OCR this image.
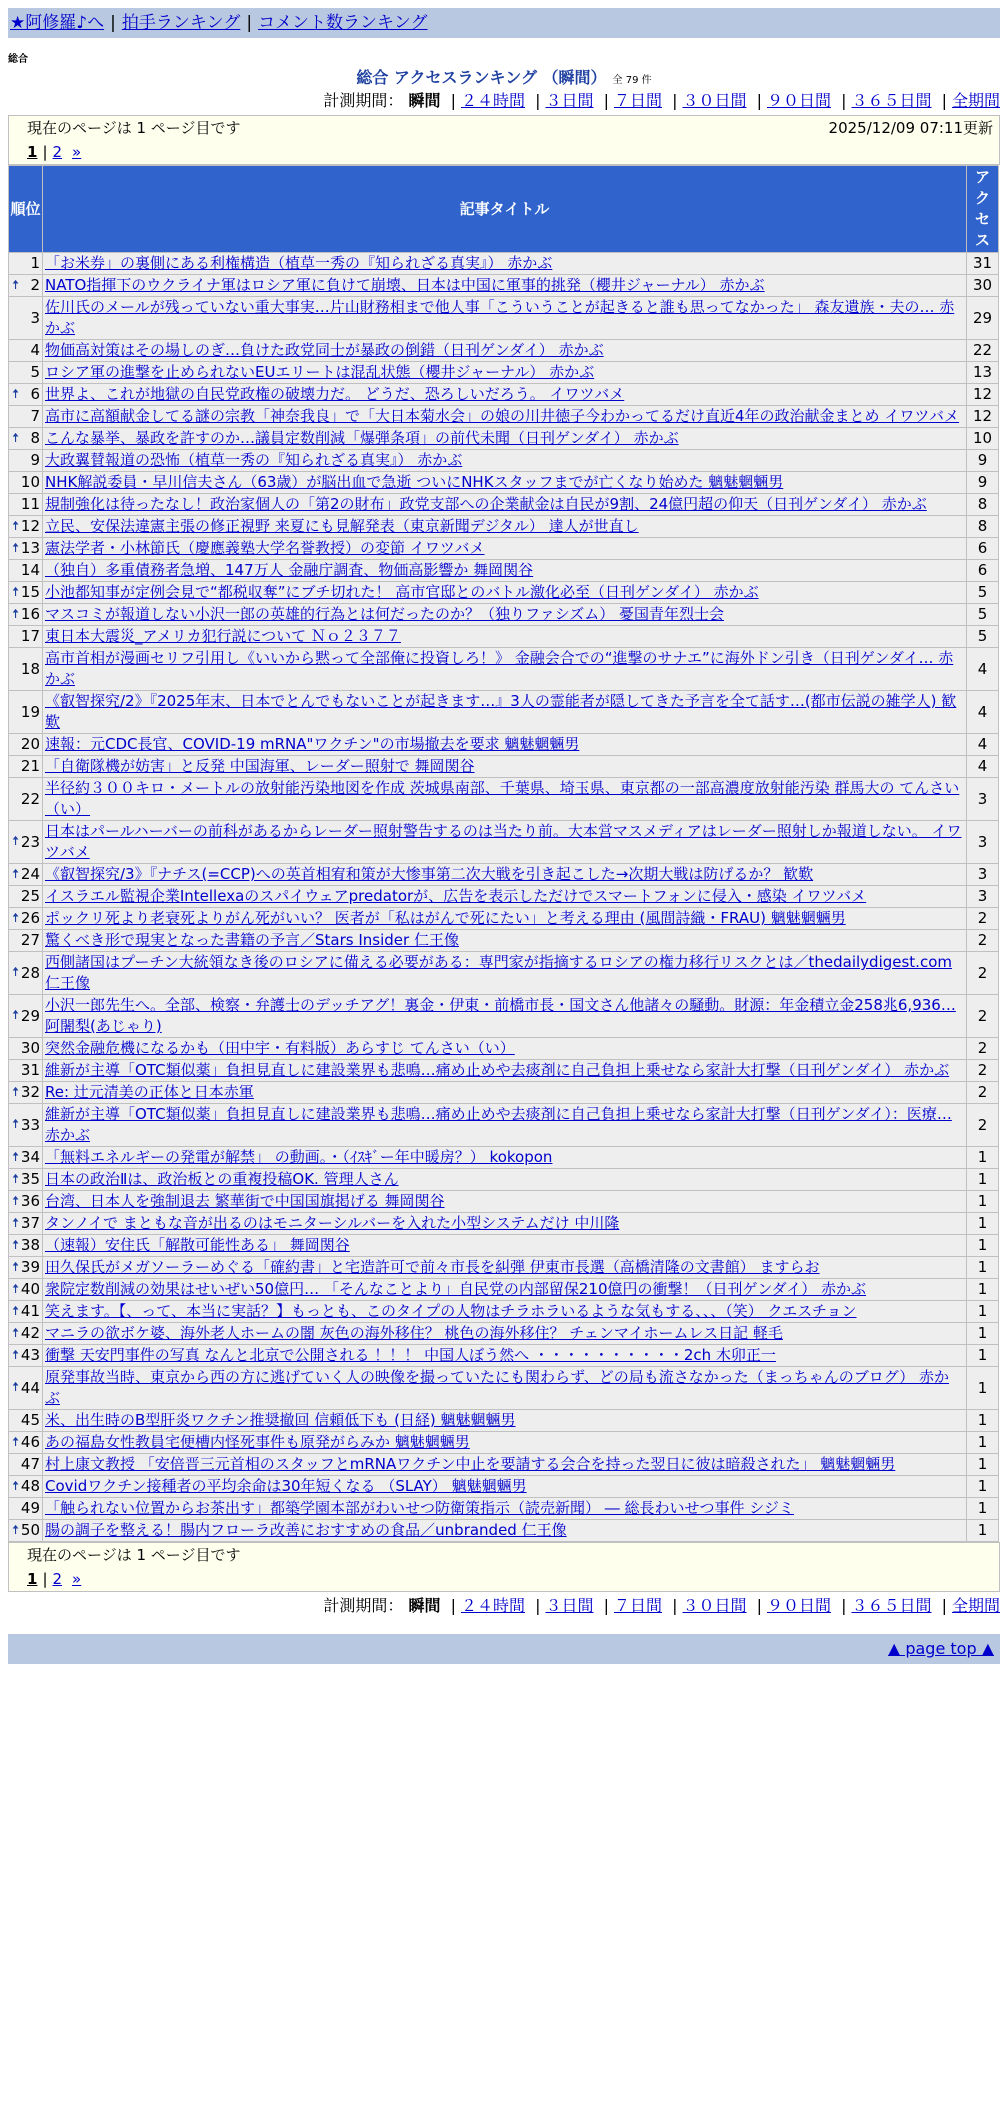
★阿修羅♪へ | 拍手ランキング | コメント数ランキング
総合
総合 アクセスランキング （瞬間） 全 79 件
計測期間： 瞬間 | ２４時間 | ３日間 | ７日間 | ３０日間 | ９０日間 | ３６５日間 | 全期間
現在のページは 1 ページ目です	2025/12/09 07:11更新
1 | 2 »
順位	記事タイトル	アクセス
1	「お米券」の裏側にある利権構造（植草一秀の『知られざる真実』） 赤かぶ	31

🠅 2	NATO指揮下のウクライナ軍はロシア軍に負けて崩壊、日本は中国に軍事的挑発（櫻井ジャーナル） 赤かぶ	30
3	佐川氏のメールが残っていない重大事実…片山財務相まで他人事「こういうことが起きると誰も思ってなかった」 森友遺族・夫の… 赤かぶ	29
4	物価高対策はその場しのぎ…負けた政党同士が暴政の倒錯（日刊ゲンダイ） 赤かぶ	22
5	ロシア軍の進撃を止められないEUエリートは混乱状態（櫻井ジャーナル） 赤かぶ	13

🠅 6	世界よ、これが地獄の自民党政権の破壊力だ。 どうだ、恐ろしいだろう。 イワツバメ	12
7	高市に高額献金してる謎の宗教「神奈我良」で「大日本菊水会」の娘の川井徳子今わかってるだけ直近4年の政治献金まとめ イワツバメ	12

🠅 8	こんな暴挙、暴政を許すのか…議員定数削減「爆弾条項」の前代未聞（日刊ゲンダイ） 赤かぶ	10
9	大政翼賛報道の恐怖（植草一秀の『知られざる真実』） 赤かぶ	9
10	NHK解説委員・早川信夫さん（63歳）が脳出血で急逝 ついにNHKスタッフまでが亡くなり始めた 魑魅魍魎男	9
11	規制強化は待ったなし！政治家個人の「第2の財布」政党支部への企業献金は自民が9割、24億円超の仰天（日刊ゲンダイ） 赤かぶ	8

🠅 12	立民、安保法違憲主張の修正視野 来夏にも見解発表（東京新聞デジタル） 達人が世直し	8

🠅 13	憲法学者・小林節氏（慶應義塾大学名誉教授）の変節 イワツバメ	6
14	（独自）多重債務者急増、147万人 金融庁調査、物価高影響か 舞岡関谷	6

🠅 15	小池都知事が定例会見で“都税収奪”にブチ切れた！ 高市官邸とのバトル激化必至（日刊ゲンダイ） 赤かぶ	5

🠅 16	マスコミが報道しない小沢一郎の英雄的行為とは何だったのか？（独りファシズム） 憂国青年烈士会	5
17	東日本大震災_アメリカ犯行説について Ｎｏ２３７７	5
18	高市首相が漫画セリフ引用し《いいから黙って全部俺に投資しろ！》 金融会合での“進撃のサナエ”に海外ドン引き（日刊ゲンダイ… 赤かぶ	4
19	《叡智探究/2》『2025年末、日本でとんでもないことが起きます…』3人の霊能者が隠してきた予言を全て話す…(都市伝説の雑学人) 歓歎	4
20	速報：元CDC長官、COVID-19 mRNA"ワクチン"の市場撤去を要求 魑魅魍魎男	4
21	「自衛隊機が妨害」と反発 中国海軍、レーダー照射で 舞岡関谷	4
22	半径約３００キロ・メートルの放射能汚染地図を作成 茨城県南部、千葉県、埼玉県、東京都の一部高濃度放射能汚染 群馬大の てんさい（い）	3

🠅 23	日本はパールハーバーの前科があるからレーダー照射警告するのは当たり前。大本営マスメディアはレーダー照射しか報道しない。 イワツバメ	3

🠅 24	《叡智探究/3》『ナチス(=CCP)への英首相宥和策が大惨事第二次大戦を引き起こした→次期大戦は防げるか？ 歓歎	3
25	イスラエル監視企業Intellexaのスパイウェアpredatorが、広告を表示しただけでスマートフォンに侵入・感染 イワツバメ	3

🠅 26	ポックリ死より老衰死よりがん死がいい？ 医者が「私はがんで死にたい」と考える理由 (風間詩織・FRAU) 魑魅魍魎男	2
27	驚くべき形で現実となった書籍の予言／Stars Insider 仁王像	2

🠅 28	西側諸国はプーチン大統領なき後のロシアに備える必要がある：専門家が指摘するロシアの権力移行リスクとは／thedailydigest.com 仁王像	2

🠅 29	小沢一郎先生へ。全部、検察・弁護士のデッチアグ！裏金・伊東・前橋市長・国文さん他諸々の騒動。財源：年金積立金258兆6,936… 阿闍梨(あじゃり)	2
30	突然金融危機になるかも（田中宇・有料版）あらすじ てんさい（い）	2
31	維新が主導「OTC類似薬」負担見直しに建設業界も悲鳴…痛め止めや去痰剤に自己負担上乗せなら家計大打撃（日刊ゲンダイ） 赤かぶ	2

🠅 32	Re: 辻元清美の正体と日本赤軍	2

🠅 33	維新が主導「OTC類似薬」負担見直しに建設業界も悲鳴…痛め止めや去痰剤に自己負担上乗せなら家計大打撃（日刊ゲンダイ）：医療… 赤かぶ	2

🠅 34	「無料エネルギーの発電が解禁」 の動画。・（ｲｽｷﾞー年中暖房？） kokopon	1

🠅 35	日本の政治Ⅱは、政治板との重複投稿OK. 管理人さん	1

🠅 36	台湾、日本人を強制退去 繁華街で中国国旗掲げる 舞岡関谷	1

🠅 37	タンノイで まともな音が出るのはモニターシルバーを入れた小型システムだけ 中川隆	1

🠅 38	（速報）安住氏「解散可能性ある」 舞岡関谷	1

🠅 39	田久保氏がメガソーラーめぐる「確約書」と宅造許可で前々市長を糾弾 伊東市長選（高橋清隆の文書館） ますらお	1

🠅 40	衆院定数削減の効果はせいぜい50億円… 「そんなことより」自民党の内部留保210億円の衝撃！（日刊ゲンダイ） 赤かぶ	1

🠅 41	笑えます。【、って、本当に実話？】もっとも、このタイプの人物はチラホラいるような気もする、、、（笑） クエスチョン	1

🠅 42	マニラの欲ボケ婆、海外老人ホームの闇 灰色の海外移住？ 桃色の海外移住？ チェンマイホームレス日記 軽毛	1

🠅 43	衝撃 天安門事件の写真 なんと北京で公開される ！！！ 中国人ぼう然へ ・・・・・・・・・・2ch 木卯正一	1

🠅 44	原発事故当時、東京から西の方に逃げていく人の映像を撮っていたにも関わらず、どの局も流さなかった（まっちゃんのブログ） 赤かぶ	1
45	米、出生時のB型肝炎ワクチン推奨撤回 信頼低下も (日経) 魑魅魍魎男	1

🠅 46	あの福島女性教員宅便槽内怪死事件も原発がらみか 魑魅魍魎男	1
47	村上康文教授 「安倍晋三元首相のスタッフとmRNAワクチン中止を要請する会合を持った翌日に彼は暗殺された」 魑魅魍魎男	1

🠅 48	Covidワクチン接種者の平均余命は30年短くなる （SLAY） 魑魅魍魎男	1
49	「触られない位置からお茶出す」都築学園本部がわいせつ防衛策指示（読売新聞） ― 総長わいせつ事件 シジミ	1

🠅 50	腸の調子を整える！腸内フローラ改善におすすめの食品／unbranded 仁王像	1
現在のページは 1 ページ目です
1 | 2 »
計測期間： 瞬間 | ２４時間 | ３日間 | ７日間 | ３０日間 | ９０日間 | ３６５日間 | 全期間
▲ page top ▲
